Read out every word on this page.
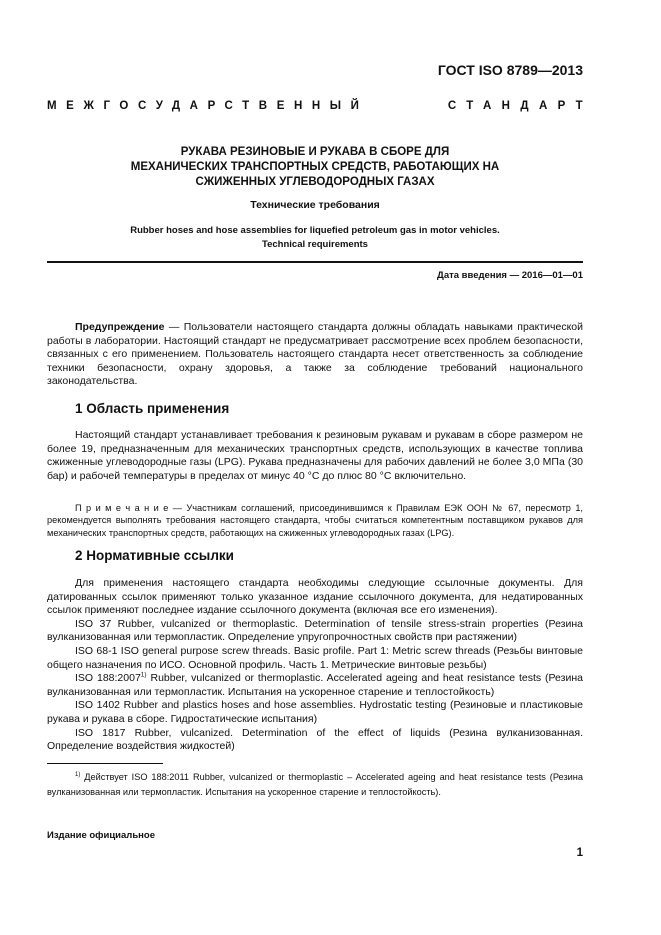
ГОСТ ISO 8789—2013
МЕЖГОСУДАРСТВЕННЫЙ	СТАНДАРТ
РУКАВА РЕЗИНОВЫЕ И РУКАВА В СБОРЕ ДЛЯ
МЕХАНИЧЕСКИХ ТРАНСПОРТНЫХ СРЕДСТВ, РАБОТАЮЩИХ НА
СЖИЖЕННЫХ УГЛЕВОДОРОДНЫХ ГАЗАХ
Технические требования
Rubber hoses and hose assemblies for liquefied petroleum gas in motor vehicles.
Technical requirements
Дата введения — 2016—01—01

Предупреждение — Пользователи настоящего стандарта должны обладать навыками практической работы в лаборатории. Настоящий стандарт не предусматривает рассмотрение всех проблем безопасности, связанных с его применением. Пользователь настоящего стандарта несет ответственность за соблюдение техники безопасности, охрану здоровья, а также за соблюдение требований национального законодательства.

1 Область применения

Настоящий стандарт устанавливает требования к резиновым рукавам и рукавам в сборе размером не более 19, предназначенным для механических транспортных средств, использующих в качестве топлива сжиженные углеводородные газы (LPG). Рукава предназначены для рабочих давлений не более 3,0 МПа (30 бар) и рабочей температуры в пределах от минус 40 °C до плюс 80 °C включительно.

П р и м е ч а н и е — Участникам соглашений, присоединившимся к Правилам ЕЭК ООН № 67, пересмотр 1, рекомендуется выполнять требования настоящего стандарта, чтобы считаться компетентным поставщиком рукавов для механических транспортных средств, работающих на сжиженных углеводородных газах (LPG).

2 Нормативные ссылки

Для применения настоящего стандарта необходимы следующие ссылочные документы. Для датированных ссылок применяют только указанное издание ссылочного документа, для недатированных ссылок применяют последнее издание ссылочного документа (включая все его изменения).

ISO 37 Rubber, vulcanized or thermoplastic. Determination of tensile stress-strain properties (Резина вулканизованная или термопластик. Определение упругопрочностных свойств при растяжении)

ISO 68-1 ISO general purpose screw threads. Basic profile. Part 1: Metric screw threads (Резьбы винтовые общего назначения по ИСО. Основной профиль. Часть 1. Метрические винтовые резьбы)

ISO 188:2007$^{1)}$ Rubber, vulcanized or thermoplastic. Accelerated ageing and heat resistance tests (Резина вулканизованная или термопластик. Испытания на ускоренное старение и теплостойкость)

ISO 1402 Rubber and plastics hoses and hose assemblies. Hydrostatic testing (Резиновые и пластиковые рукава и рукава в сборе. Гидростатические испытания)

ISO 1817 Rubber, vulcanized. Determination of the effect of liquids (Резина вулканизованная. Определение воздействия жидкостей)

$^{1)}$ Действует ISO 188:2011 Rubber, vulcanized or thermoplastic – Accelerated ageing and heat resistance tests (Резина вулканизованная или термопластик. Испытания на ускоренное старение и теплостойкость).

Издание официальное
1
